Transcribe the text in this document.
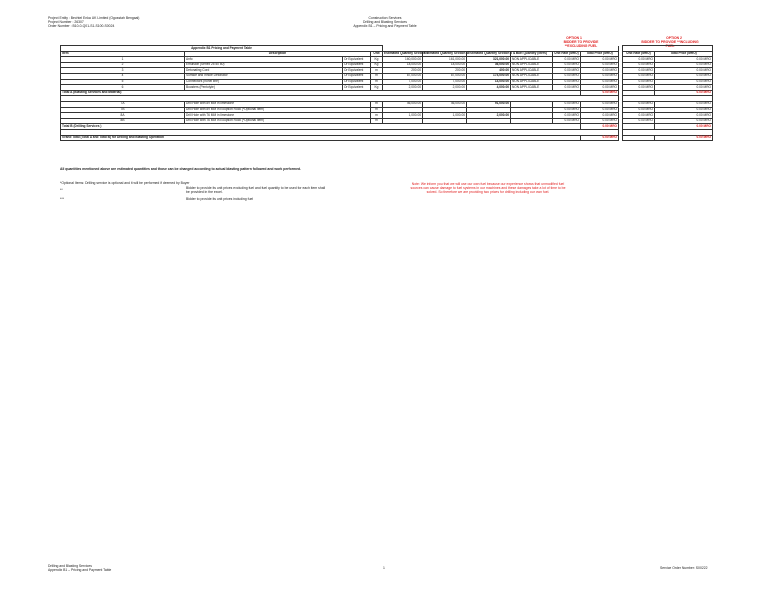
Project Entity : Bechtel Enka UK Limited (Ogosstah Bengaal)
Project Number : 26307
Order Number : B10-0-Q01-S1-S100-S0024
Construction Services
Drilling and Blasting Services
Appendix B1 – Pricing and Payment Table
OPTION 1
BIDDER TO PROVIDE **EXCLUDING FUEL
OPTION 2
BIDDER TO PROVIDE **INCLUDING FUEL
Appendix B1 Pricing and Payment Table												
Item	Description		Unit	Estimated Quantity Section 2	Estimated Quantity Section 4	Estimated Quantity Section 2 & 4	Fuel Quantity (liters)	Unit Rate (MRO)	Total Price (MRO)		Unit Rate (MRO)	Total Price (MRO)
1	Anfo	Or Equivalent	Kg	160,000.00	161,000.00	321,000.00	NON APPLICABLE	0.00 MRO	0.00 MRO		0.00 MRO	0.00 MRO
2	Emulsion (Senex 25 50 60)	Or Equivalent	Kg	18,000.00	18,000.00	36,000.00	NON APPLICABLE	0.00 MRO	0.00 MRO		0.00 MRO	0.00 MRO
3	Detonating Cord	Or Equivalent	m	200.00	200.00	400.00	NON APPLICABLE	0.00 MRO	0.00 MRO		0.00 MRO	0.00 MRO
4	Surface and Inhole Detonator	Or Equivalent	m	87,000.00	87,000.00	174,000.00	NON APPLICABLE	0.00 MRO	0.00 MRO		0.00 MRO	0.00 MRO
5	Connectors (nonel line)	Or Equivalent	m	7,000.00	7,000.00	14,000.00	NON APPLICABLE	0.00 MRO	0.00 MRO		0.00 MRO	0.00 MRO
6	Boosters (Pentolyte)	Or Equivalent	Kg	2,000.00	2,000.00	4,000.00	NON APPLICABLE	0.00 MRO	0.00 MRO		0.00 MRO	0.00 MRO
Total A (Blasting Services and Material)									0.00 MRO			0.00 MRO

7A	Drill Hole with 89 MM in limestone		m	46,000.00	46,000.00	91,000.00		0.00 MRO	0.00 MRO		0.00 MRO	0.00 MRO
7B	Drill Hole with 89 MM in Ecuption Rock (*Optional Item)		m					0.00 MRO	0.00 MRO		0.00 MRO	0.00 MRO
8A	Drill Hole with 76 MM in limestone		m	1,000.00	1,000.00	2,000.00		0.00 MRO	0.00 MRO		0.00 MRO	0.00 MRO
8B	Drill Hole with 76 MM in Ecuption Rock (*Optional Item)		m					0.00 MRO	0.00 MRO		0.00 MRO	0.00 MRO
Total B (Drilling Services )									0.00 MRO			0.00 MRO

Grand Total (Total A and Total B) for Drilling and Blasting Operation									0.00 MRO			0.00 MRO
All quantities mentioned above are estimated quantities and those can be changed according to actual blasting pattern followed and work performed.
*Optional Items: Drilling service is optional and it will be performed if deemed by Buyer
**	Bidder to provide its unit prices excluding fuel and fuel quantity to be used for each item shall be provided in the excel.
***	Bidder to provide its unit prices including fuel
Note: We inform you that we will use our own fuel because our experience shows that unmodified fuel sources can cause damage to fuel systems in our machines and these damages take a lot of time to be solved. So therefore we are providing two prices for drilling including our own fuel.
Drilling and Blasting Services
Appendix B1 – Pricing and Payment Table	1	Service Order Number: S00222
